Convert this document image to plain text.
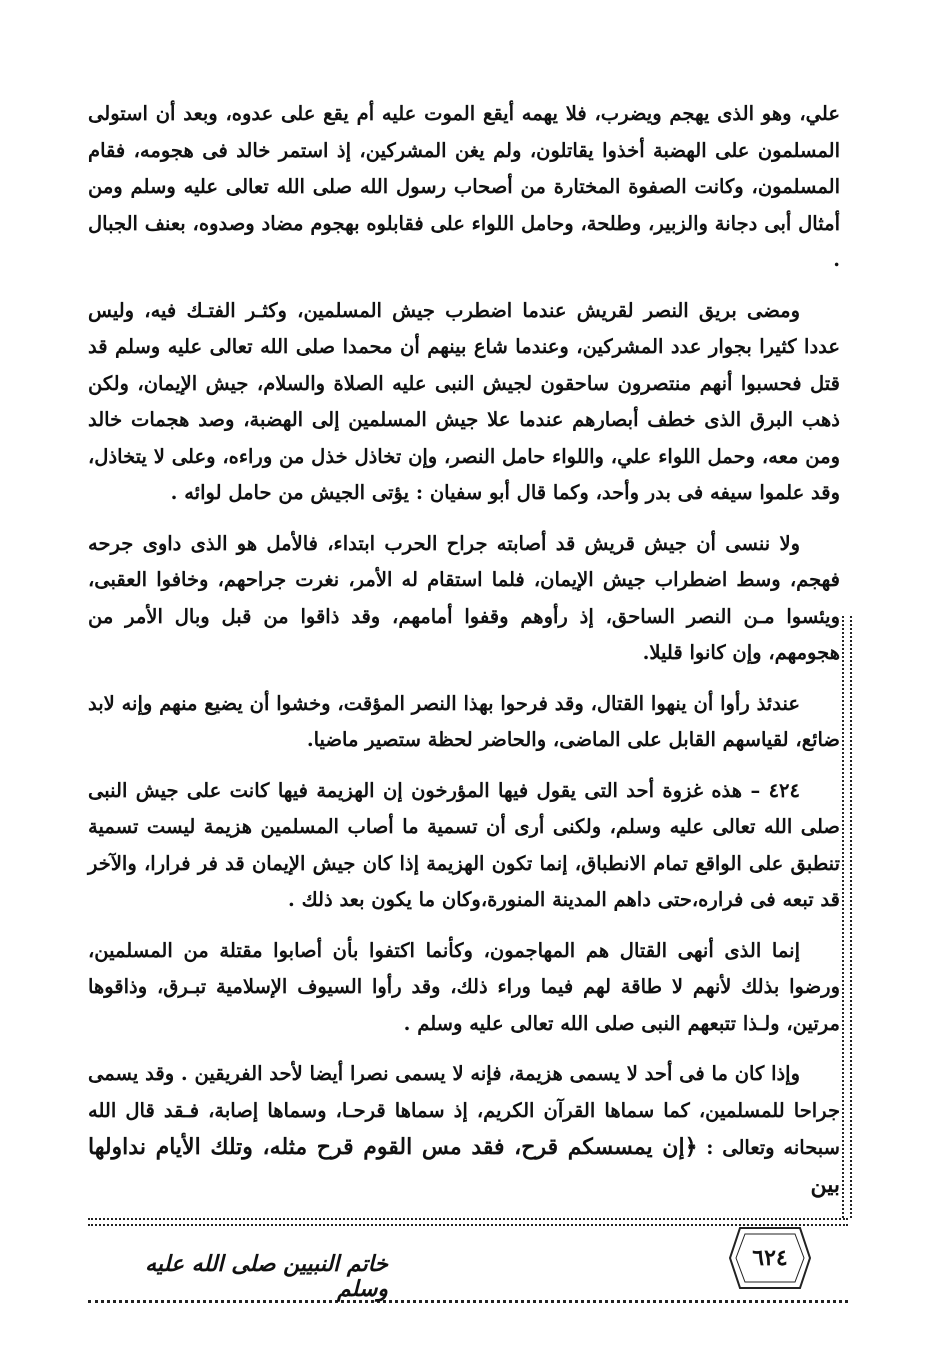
علي، وهو الذى يهجم ويضرب، فلا يهمه أيقع الموت عليه أم يقع على عدوه، وبعد أن استولى المسلمون على الهضبة أخذوا يقاتلون، ولم يغن المشركين، إذ استمر خالد فى هجومه، فقام المسلمون، وكانت الصفوة المختارة من أصحاب رسول الله صلى الله تعالى عليه وسلم ومن أمثال أبى دجانة والزبير، وطلحة، وحامل اللواء على فقابلوه بهجوم مضاد وصدوه، بعنف الجبال .

ومضى بريق النصر لقريش عندما اضطرب جيش المسلمين، وكثـر الفتـك فيه، وليس عددا كثيرا بجوار عدد المشركين، وعندما شاع بينهم أن محمدا صلى الله تعالى عليه وسلم قد قتل فحسبوا أنهم منتصرون ساحقون لجيش النبى عليه الصلاة والسلام، جيش الإيمان، ولكن ذهب البرق الذى خطف أبصارهم عندما علا جيش المسلمين إلى الهضبة، وصد هجمات خالد ومن معه، وحمل اللواء علي، واللواء حامل النصر، وإن تخاذل خذل من وراءه، وعلى لا يتخاذل، وقد علموا سيفه فى بدر وأحد، وكما قال أبو سفيان : يؤتى الجيش من حامل لوائه .

ولا ننسى أن جيش قريش قد أصابته جراح الحرب ابتداء، فالأمل هو الذى داوى جرحه فهجم، وسط اضطراب جيش الإيمان، فلما استقام له الأمر، نغرت جراحهم، وخافوا العقبى، ويئسوا مـن النصر الساحق، إذ رأوهم وقفوا أمامهم، وقد ذاقوا من قبل وبال الأمر من هجومهم، وإن كانوا قليلا.

عندئذ رأوا أن ينهوا القتال، وقد فرحوا بهذا النصر المؤقت، وخشوا أن يضيع منهم وإنه لابد ضائع، لقياسهم القابل على الماضى، والحاضر لحظة ستصير ماضيا.

٤٢٤ – هذه غزوة أحد التى يقول فيها المؤرخون إن الهزيمة فيها كانت على جيش النبى صلى الله تعالى عليه وسلم، ولكنى أرى أن تسمية ما أصاب المسلمين هزيمة ليست تسمية تنطبق على الواقع تمام الانطباق، إنما تكون الهزيمة إذا كان جيش الإيمان قد فر فرارا، والآخر قد تبعه فى فراره،حتى داهم المدينة المنورة،وكان ما يكون بعد ذلك .

إنما الذى أنهى القتال هم المهاجمون، وكأنما اكتفوا بأن أصابوا مقتلة من المسلمين، ورضوا بذلك لأنهم لا طاقة لهم فيما وراء ذلك، وقد رأوا السيوف الإسلامية تبـرق، وذاقوها مرتين، ولـذا تتبعهم النبى صلى الله تعالى عليه وسلم .

وإذا كان ما فى أحد لا يسمى هزيمة، فإنه لا يسمى نصرا أيضا لأحد الفريقين . وقد يسمى جراحا للمسلمين، كما سماها القرآن الكريم، إذ سماها قرحـا، وسماها إصابة، فـقد قال الله سبحانه وتعالى : ﴿إن يمسسكم قرح، فقد مس القوم قرح مثله، وتلك الأيام نداولها بين

٦٢٤
خاتم النبيين صلى الله عليه وسلم
